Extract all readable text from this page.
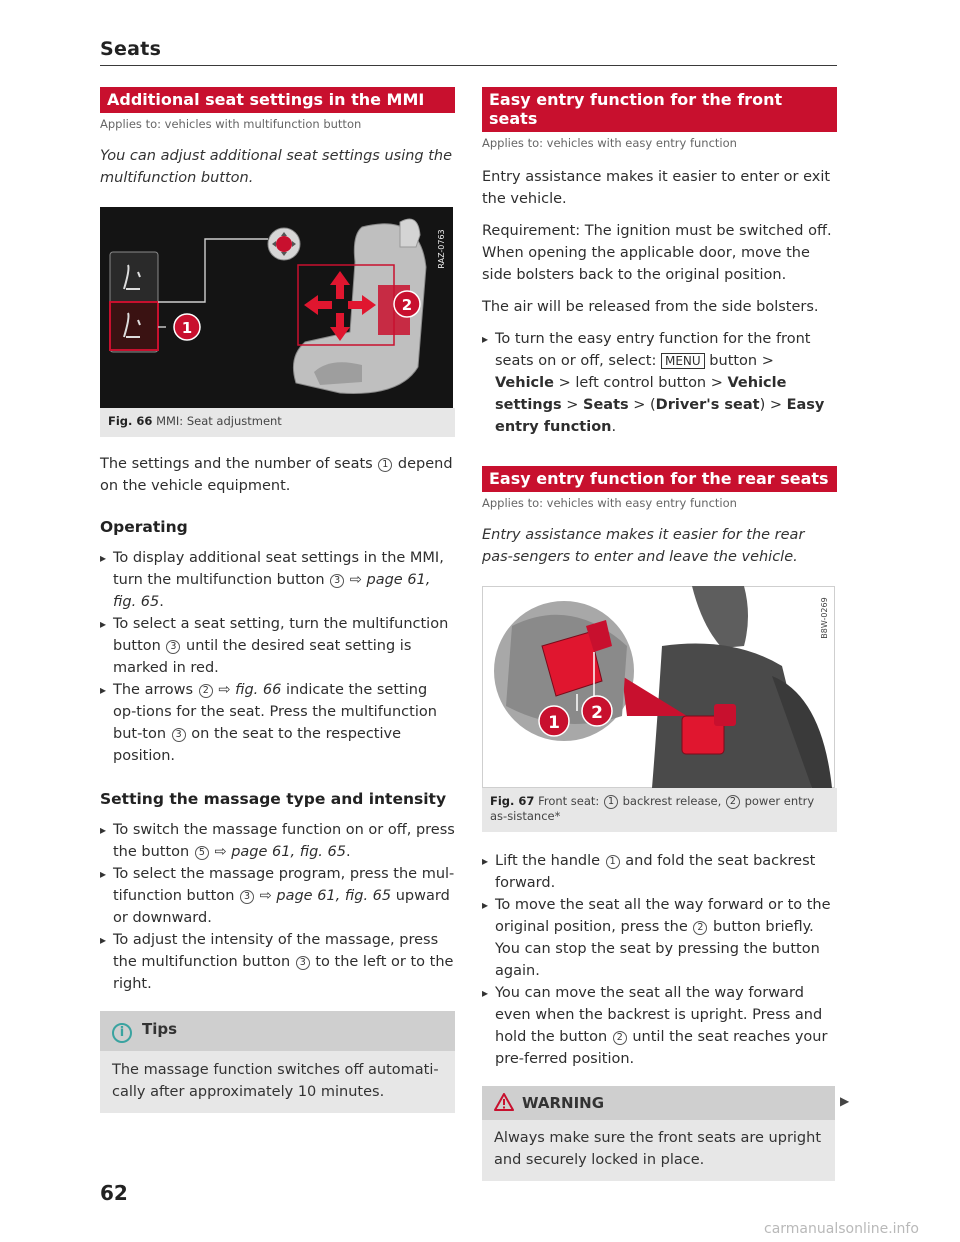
Seats
Additional seat settings in the MMI
Applies to: vehicles with multifunction button
You can adjust additional seat settings using the multifunction button.
1
2
RAZ-0763
Fig. 66 MMI: Seat adjustment
The settings and the number of seats 1 depend on the vehicle equipment.
Operating
▸ To display additional seat settings in the MMI, turn the multifunction button 3 ⇨ page 61, fig. 65.
▸ To select a seat setting, turn the multifunction button 3 until the desired seat setting is marked in red.
▸ The arrows 2 ⇨ fig. 66 indicate the setting op-tions for the seat. Press the multifunction but-ton 3 on the seat to the respective position.
Setting the massage type and intensity
▸ To switch the massage function on or off, press the button 5 ⇨ page 61, fig. 65.
▸ To select the massage program, press the mul-tifunction button 3 ⇨ page 61, fig. 65 upward or downward.
▸ To adjust the intensity of the massage, press the multifunction button 3 to the left or to the right.
i Tips
The massage function switches off automati-cally after approximately 10 minutes.
Easy entry function for the front seats
Applies to: vehicles with easy entry function
Entry assistance makes it easier to enter or exit the vehicle.
Requirement: The ignition must be switched off. When opening the applicable door, move the side bolsters back to the original position.
The air will be released from the side bolsters.
▸ To turn the easy entry function for the front seats on or off, select: MENU button > Vehicle > left control button > Vehicle settings > Seats > (Driver's seat) > Easy entry function.
Easy entry function for the rear seats
Applies to: vehicles with easy entry function
Entry assistance makes it easier for the rear pas-sengers to enter and leave the vehicle.
1 2
B8W-0269
Fig. 67 Front seat: 1 backrest release, 2 power entry as-sistance*
▸ Lift the handle 1 and fold the seat backrest forward.
▸ To move the seat all the way forward or to the original position, press the 2 button briefly. You can stop the seat by pressing the button again.
▸ You can move the seat all the way forward even when the backrest is upright. Press and hold the button 2 until the seat reaches your pre-ferred position.
WARNING
Always make sure the front seats are upright and securely locked in place.
▶
62
carmanualsonline.info
